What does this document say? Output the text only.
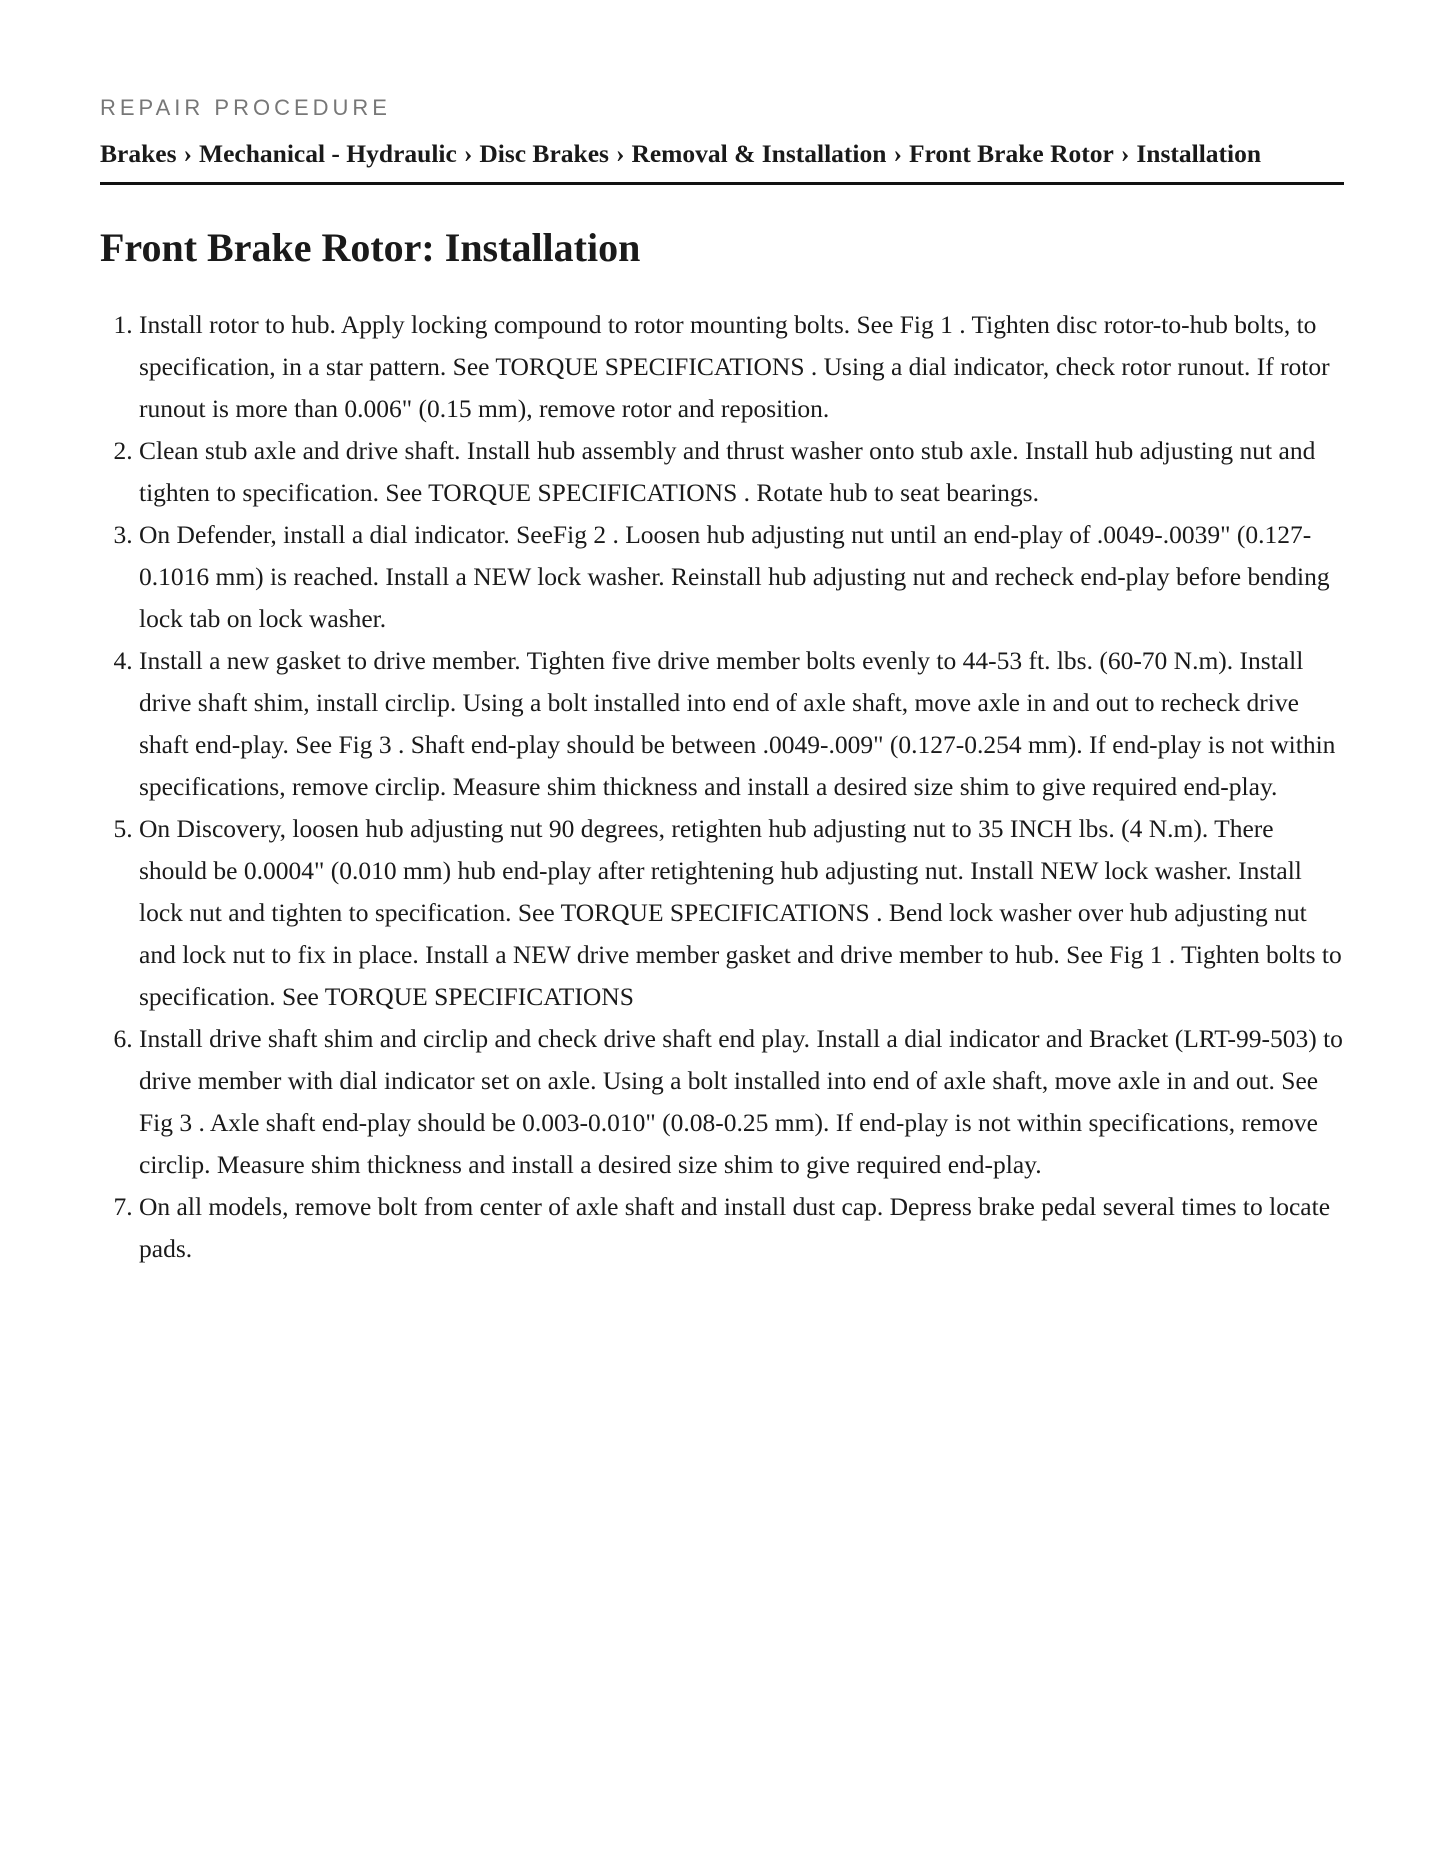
REPAIR PROCEDURE
Brakes › Mechanical - Hydraulic › Disc Brakes › Removal & Installation › Front Brake Rotor › Installation
Front Brake Rotor: Installation
1. Install rotor to hub. Apply locking compound to rotor mounting bolts. See Fig 1 . Tighten disc rotor-to-hub bolts, to specification, in a star pattern. See TORQUE SPECIFICATIONS . Using a dial indicator, check rotor runout. If rotor runout is more than 0.006" (0.15 mm), remove rotor and reposition.
2. Clean stub axle and drive shaft. Install hub assembly and thrust washer onto stub axle. Install hub adjusting nut and tighten to specification. See TORQUE SPECIFICATIONS . Rotate hub to seat bearings.
3. On Defender, install a dial indicator. SeeFig 2 . Loosen hub adjusting nut until an end-play of .0049-.0039" (0.127-0.1016 mm) is reached. Install a NEW lock washer. Reinstall hub adjusting nut and recheck end-play before bending lock tab on lock washer.
4. Install a new gasket to drive member. Tighten five drive member bolts evenly to 44-53 ft. lbs. (60-70 N.m). Install drive shaft shim, install circlip. Using a bolt installed into end of axle shaft, move axle in and out to recheck drive shaft end-play. See Fig 3 . Shaft end-play should be between .0049-.009" (0.127-0.254 mm). If end-play is not within specifications, remove circlip. Measure shim thickness and install a desired size shim to give required end-play.
5. On Discovery, loosen hub adjusting nut 90 degrees, retighten hub adjusting nut to 35 INCH lbs. (4 N.m). There should be 0.0004" (0.010 mm) hub end-play after retightening hub adjusting nut. Install NEW lock washer. Install lock nut and tighten to specification. See TORQUE SPECIFICATIONS . Bend lock washer over hub adjusting nut and lock nut to fix in place. Install a NEW drive member gasket and drive member to hub. See Fig 1 . Tighten bolts to specification. See TORQUE SPECIFICATIONS
6. Install drive shaft shim and circlip and check drive shaft end play. Install a dial indicator and Bracket (LRT-99-503) to drive member with dial indicator set on axle. Using a bolt installed into end of axle shaft, move axle in and out. See Fig 3 . Axle shaft end-play should be 0.003-0.010" (0.08-0.25 mm). If end-play is not within specifications, remove circlip. Measure shim thickness and install a desired size shim to give required end-play.
7. On all models, remove bolt from center of axle shaft and install dust cap. Depress brake pedal several times to locate pads.
